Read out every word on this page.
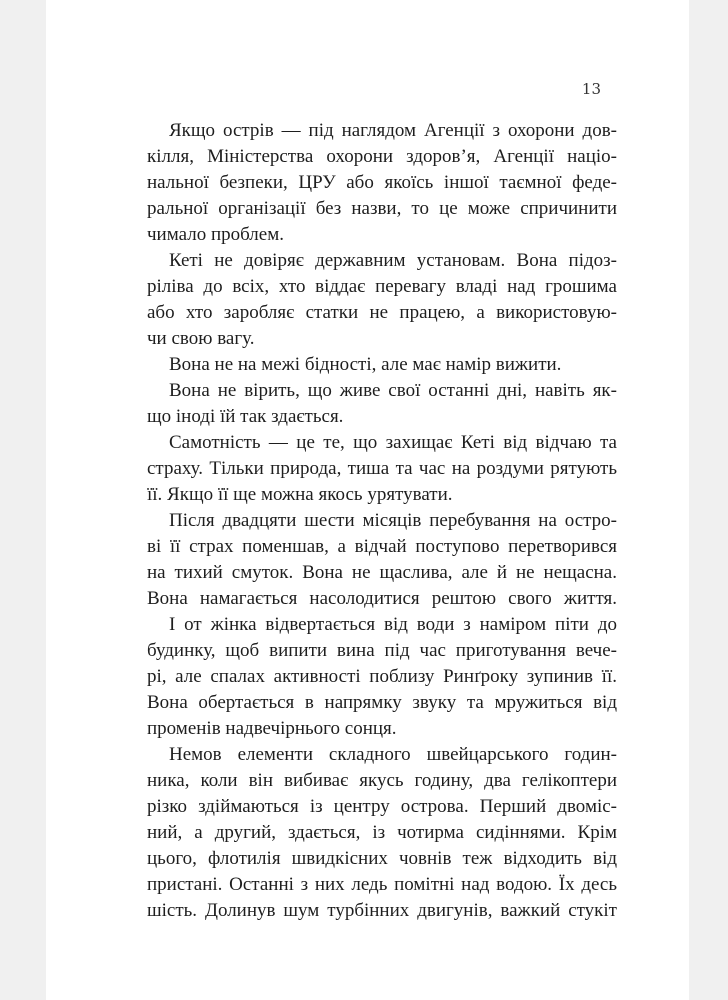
13
Якщо острів — під наглядом Агенції з охорони дов-
кілля, Міністерства охорони здоров’я, Агенції націо-
нальної безпеки, ЦРУ або якоїсь іншої таємної феде-
ральної організації без назви, то це може спричинити
чимало проблем.
Кеті не довіряє державним установам. Вона підоз-
ріліва до всіх, хто віддає перевагу владі над грошима
або хто заробляє статки не працею, а використовую-
чи свою вагу.
Вона не на межі бідності, але має намір вижити.
Вона не вірить, що живе свої останні дні, навіть як-
що іноді їй так здається.
Самотність — це те, що захищає Кеті від відчаю та
страху. Тільки природа, тиша та час на роздуми рятують
її. Якщо її ще можна якось урятувати.
Після двадцяти шести місяців перебування на остро-
ві її страх поменшав, а відчай поступово перетворився
на тихий смуток. Вона не щаслива, але й не нещасна.
Вона намагається насолодитися рештою свого життя.
І от жінка відвертається від води з наміром піти до
будинку, щоб випити вина під час приготування вече-
рі, але спалах активності поблизу Ринґроку зупинив її.
Вона обертається в напрямку звуку та мружиться від
променів надвечірнього сонця.
Немов елементи складного швейцарського годин-
ника, коли він вибиває якусь годину, два гелікоптери
різко здіймаються із центру острова. Перший двоміс-
ний, а другий, здається, із чотирма сидіннями. Крім
цього, флотилія швидкісних човнів теж відходить від
пристані. Останні з них ледь помітні над водою. Їх десь
шість. Долинув шум турбінних двигунів, важкий стукіт
